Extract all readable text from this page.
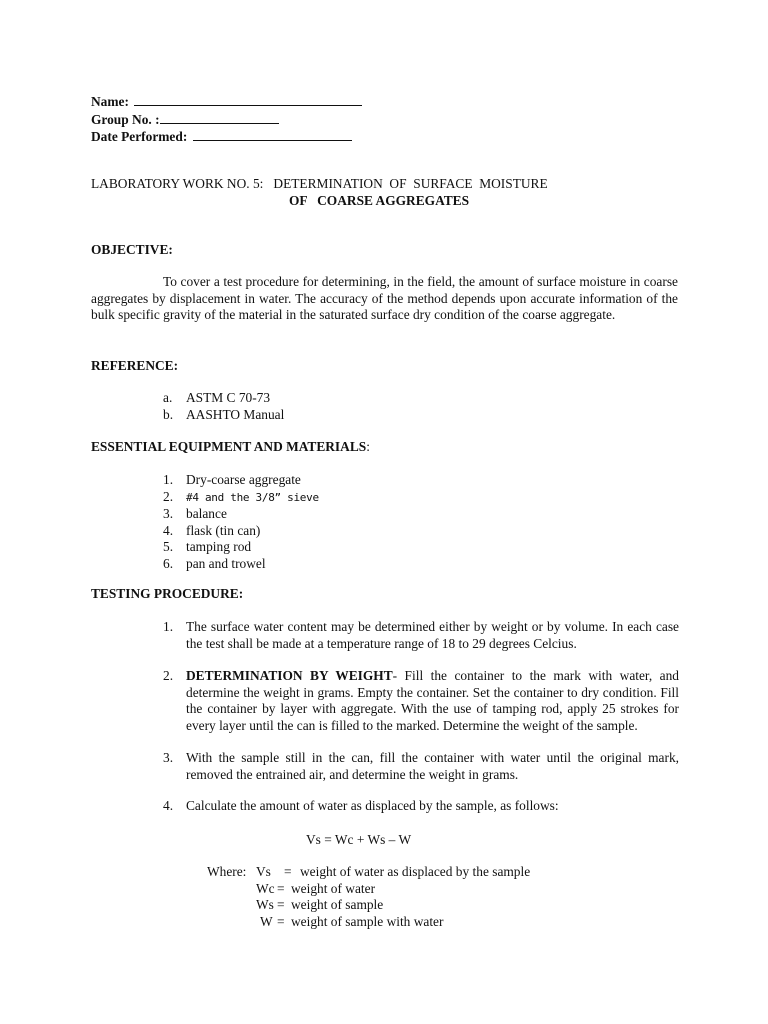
Name:
Group No. :
Date Performed:
LABORATORY WORK NO. 5:   DETERMINATION  OF  SURFACE  MOISTURE
OF   COARSE AGGREGATES
OBJECTIVE:
To cover a test procedure for determining, in the field, the amount of surface moisture in coarse aggregates by displacement in water. The accuracy of the method depends upon accurate information of the bulk specific gravity of the material in the saturated surface dry condition of the coarse aggregate.
REFERENCE:
a. ASTM C 70-73
b. AASHTO Manual
ESSENTIAL EQUIPMENT AND MATERIALS:
1. Dry-coarse aggregate
2. #4 and the 3/8” sieve
3. balance
4. flask (tin can)
5. tamping rod
6. pan and trowel
TESTING PROCEDURE:
1. The surface water content may be determined either by weight or by volume. In each case the test shall be made at a temperature range of 18 to 29 degrees Celcius.
2. DETERMINATION BY WEIGHT- Fill the container to the mark with water, and determine the weight in grams. Empty the container. Set the container to dry condition. Fill the container by layer with aggregate. With the use of tamping rod, apply 25 strokes for every layer until the can is filled to the marked. Determine the weight of the sample.
3. With the sample still in the can, fill the container with water until the original mark, removed the entrained air, and determine the weight in grams.
4. Calculate the amount of water as displaced by the sample, as follows:
Vs = Wc + Ws – W
Where: Vs = weight of water as displaced by the sample
Wc = weight of water
Ws = weight of sample
W = weight of sample with water
